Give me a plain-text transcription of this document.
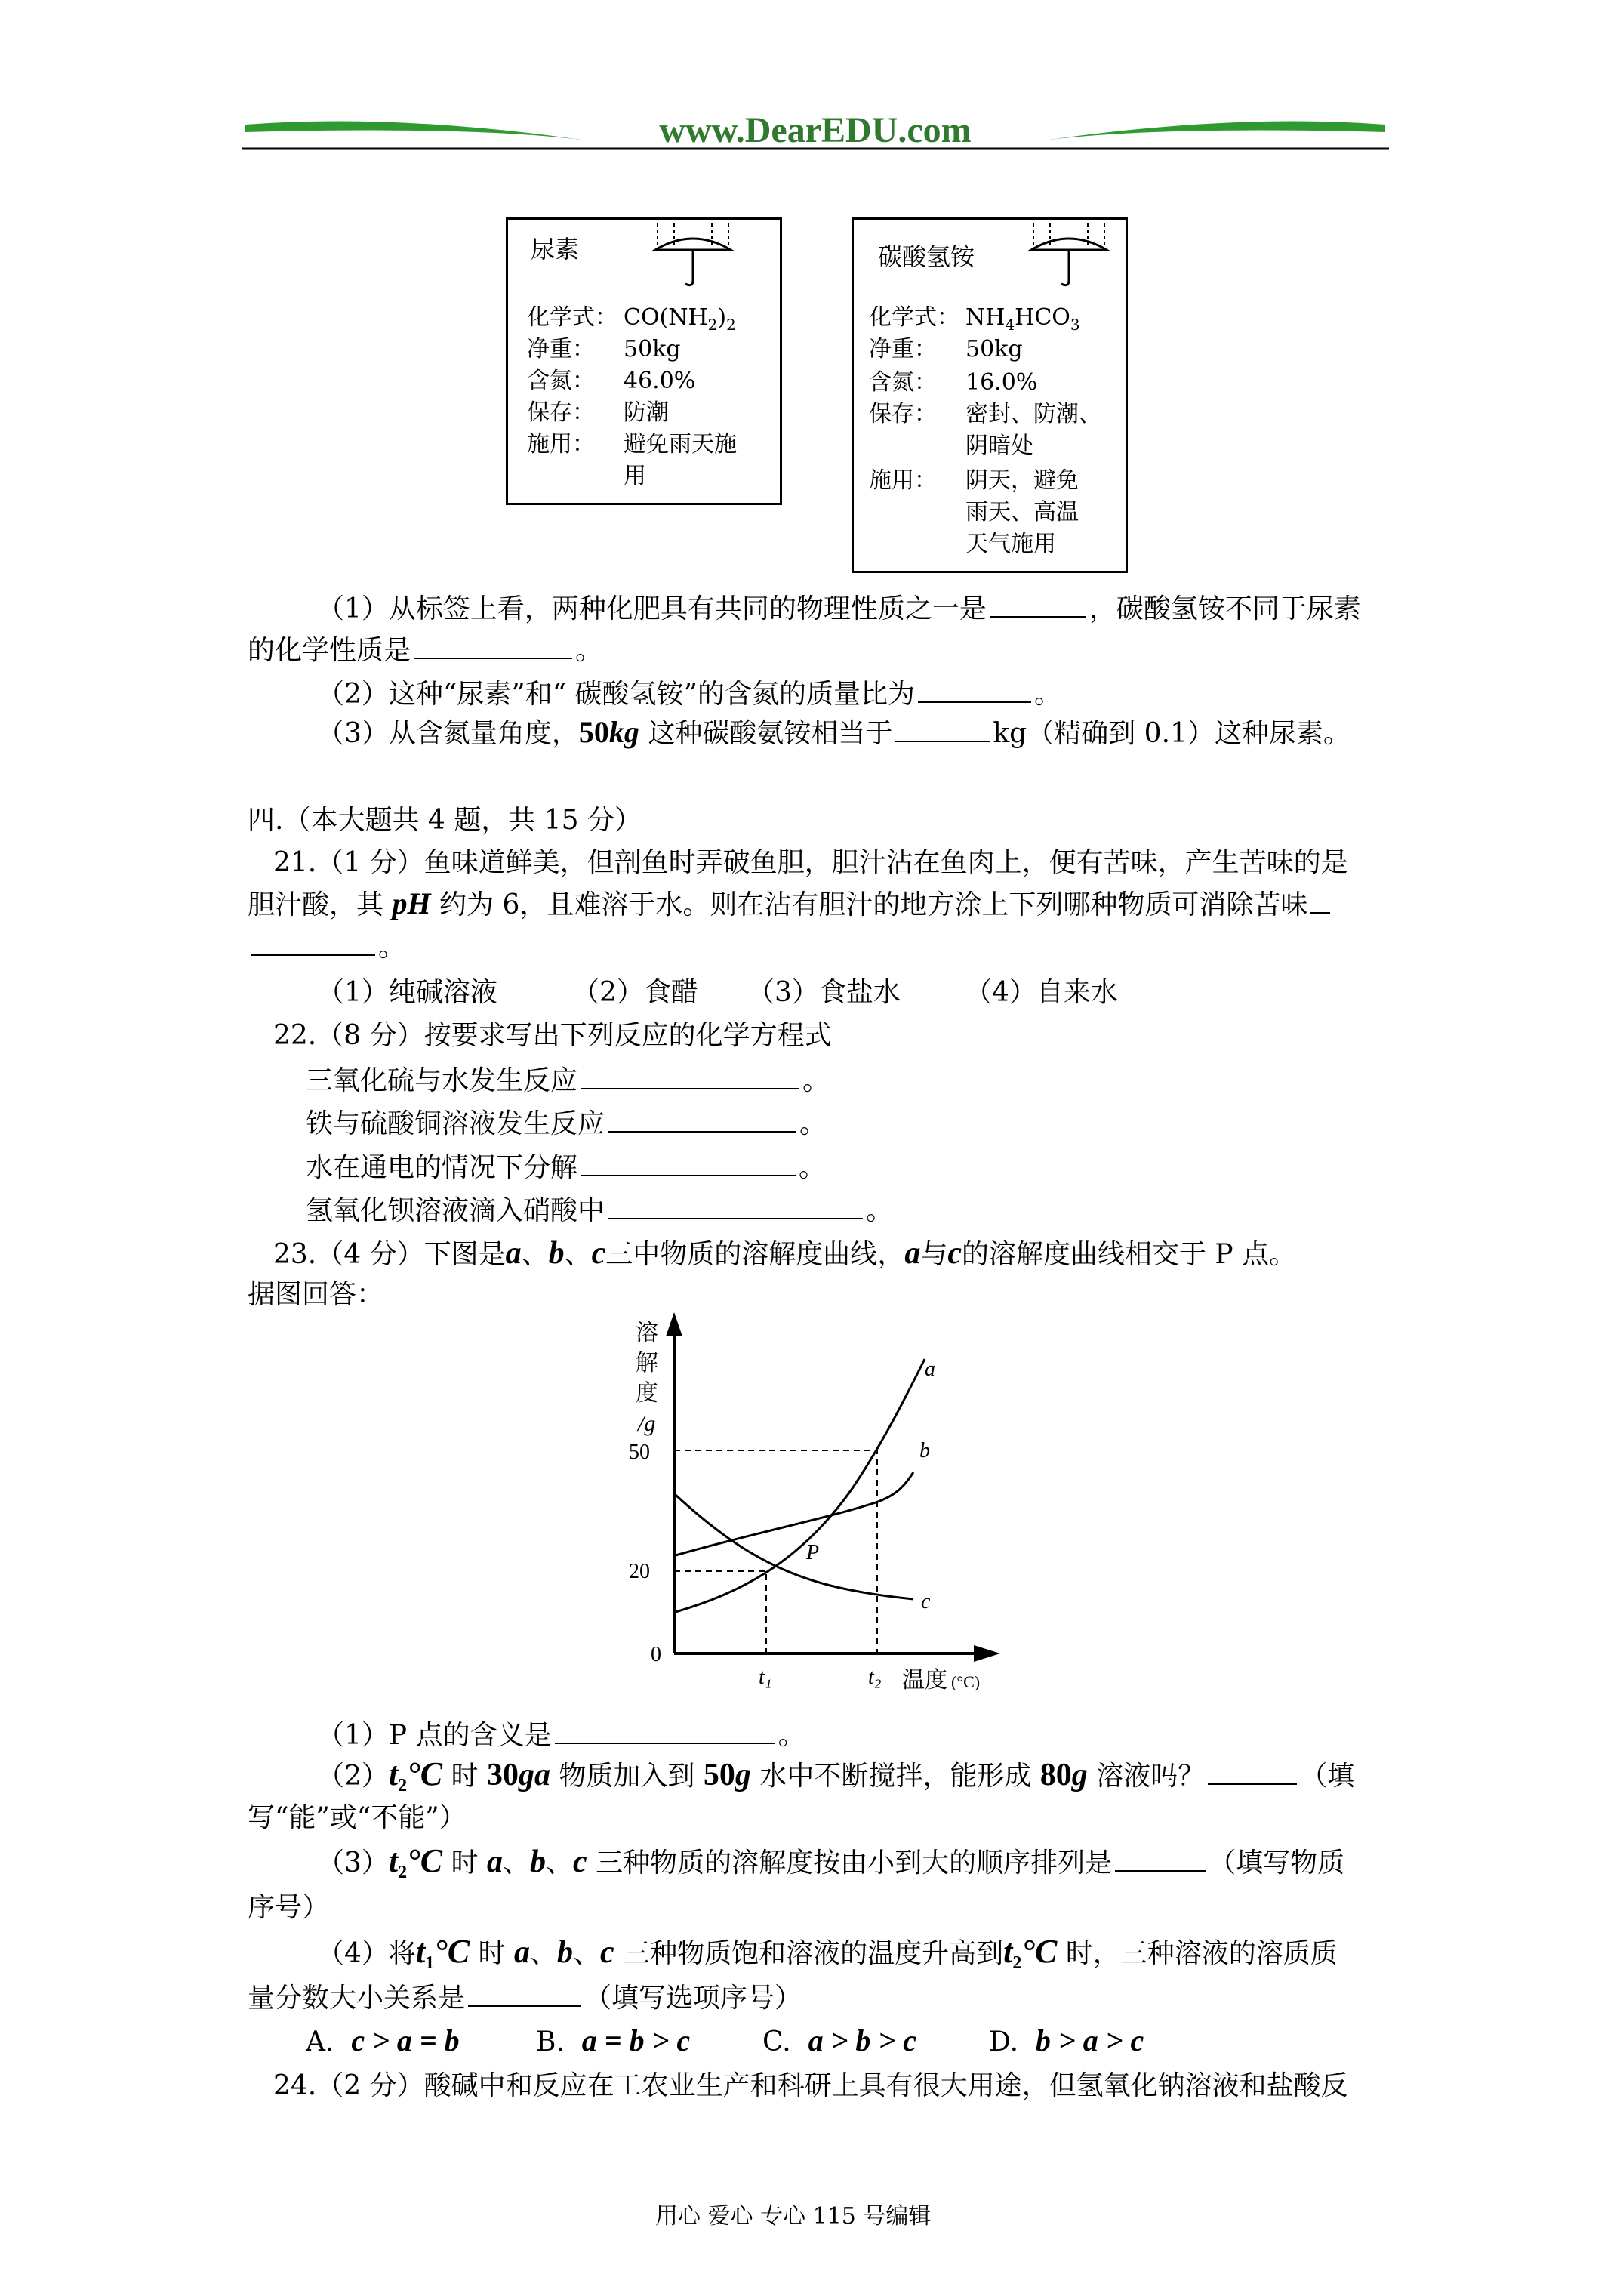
www.DearEDU.com
尿素
化学式： $CO(NH_2)_2$
净重： 50kg
含氮： 46.0%
保存： 防潮
施用： 避免雨天施
用
碳酸氢铵
化学式： $NH_4HCO_3$
净重： 50kg
含氮： 16.0%
保存： 密封、防潮、
阴暗处
施用： 阴天，避免
雨天、高温
天气施用
（1）从标签上看，两种化肥具有共同的物理性质之一是	，碳酸氢铵不同于尿素
的化学性质是	。
（2）这种“尿素”和“ 碳酸氢铵”的含氮的质量比为	。
（3）从含氮量角度，50kg 这种碳酸氨铵相当于	kg（精确到 0.1）这种尿素。
四.（本大题共 4 题，共 15 分）
21.（1 分）鱼味道鲜美，但剖鱼时弄破鱼胆，胆汁沾在鱼肉上，便有苦味，产生苦味的是
胆汁酸，其 pH 约为 6，且难溶于水。则在沾有胆汁的地方涂上下列哪种物质可消除苦味
。
（1）纯碱溶液	（2）食醋 （3）食盐水 （4）自来水
22.（8 分）按要求写出下列反应的化学方程式
三氧化硫与水发生反应	。
铁与硫酸铜溶液发生反应	。
水在通电的情况下分解	。
氢氧化钡溶液滴入硝酸中	。
23.（4 分）下图是a、b、c三中物质的溶解度曲线，a与c的溶解度曲线相交于 P 点。
据图回答：
溶
解
度
/g
50
20
0
a
b
c
P
t₁	t₂ 温度 (°C)
（1）P 点的含义是	。
$(2)t_2^\circ C$ 时 30ga 物质加入到 50g 水中不断搅拌，能形成 80g 溶液吗？	（填
写“能”或“不能”）
$(3)t_2^\circ C$ 时 a、b、c 三种物质的溶解度按由小到大的顺序排列是	（填写物质
序号）
（4）将$t_1^\circ C$ 时 a、b、c 三种物质饱和溶液的温度升高到$t_2^\circ C$ 时，三种溶液的溶质质
量分数大小关系是	（填写选项序号）
A. c > a = b	B. a = b > c	C. a > b > c	D. b > a > c
24.（2 分）酸碱中和反应在工农业生产和科研上具有很大用途，但氢氧化钠溶液和盐酸反
用心 爱心 专心 115 号编辑
